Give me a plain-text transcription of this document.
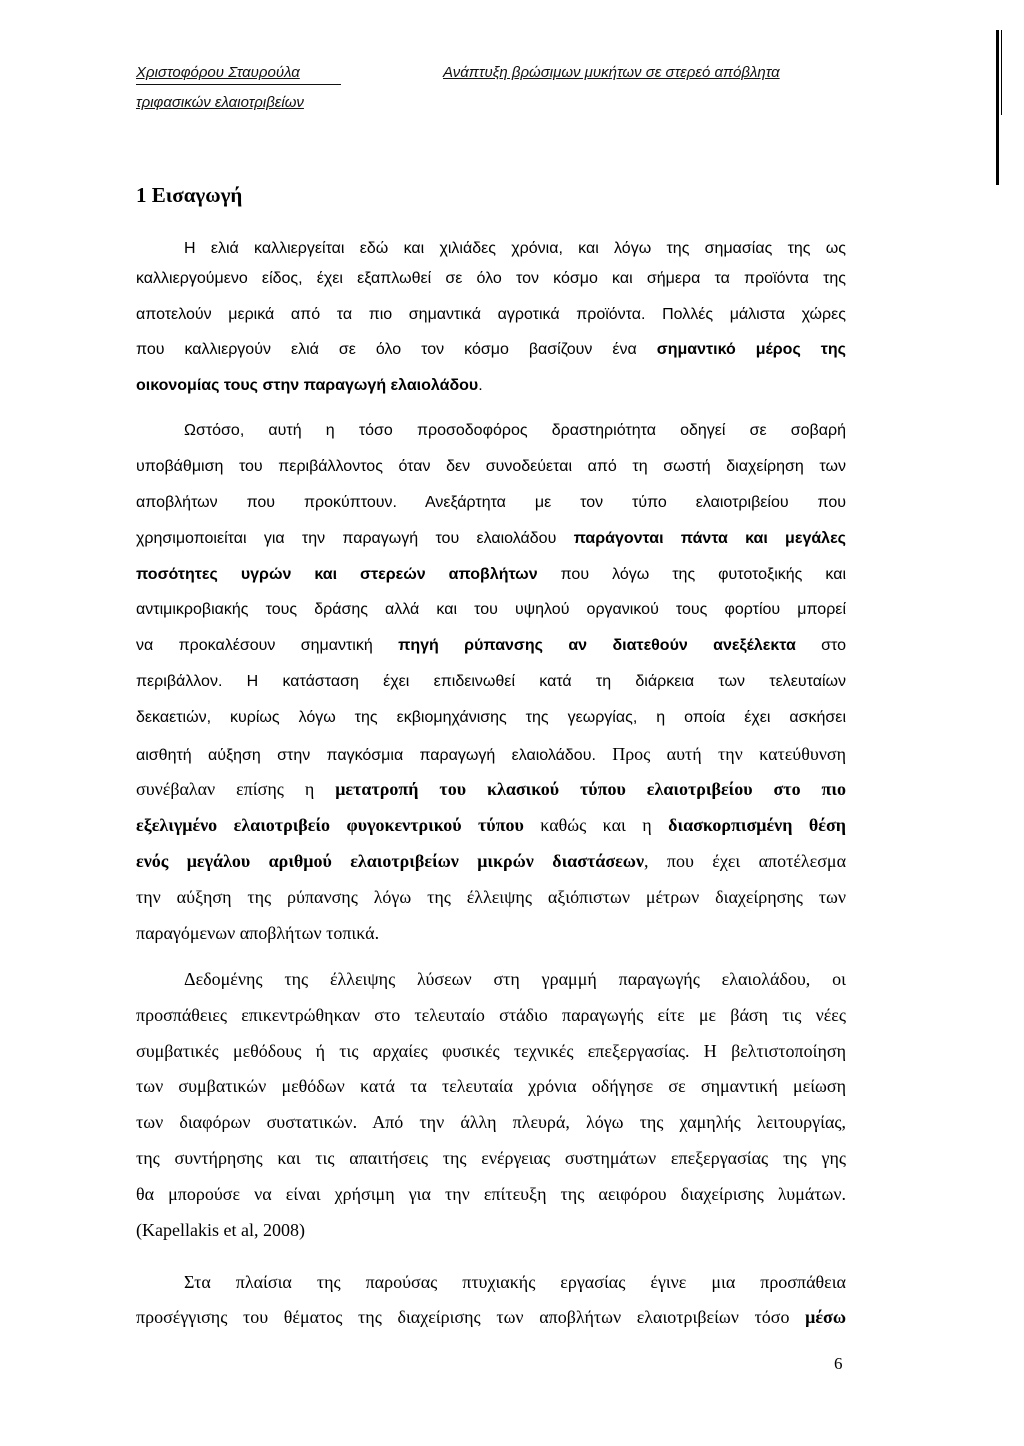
Χριστοφόρου Σταυρούλα	Ανάπτυξη βρώσιμων μυκήτων σε στερεό απόβλητα
τριφασικών ελαιοτριβείων
1 Εισαγωγή
Η ελιά καλλιεργείται εδώ και χιλιάδες χρόνια, και λόγω της σημασίας της ως
καλλιεργούμενο είδος, έχει εξαπλωθεί σε όλο τον κόσμο και σήμερα τα προϊόντα της
αποτελούν μερικά από τα πιο σημαντικά αγροτικά προϊόντα. Πολλές μάλιστα χώρες
που καλλιεργούν ελιά σε όλο τον κόσμο βασίζουν ένα σημαντικό μέρος της
οικονομίας τους στην παραγωγή ελαιολάδου.
Ωστόσο, αυτή η τόσο προσοδοφόρος δραστηριότητα οδηγεί σε σοβαρή
υποβάθμιση του περιβάλλοντος όταν δεν συνοδεύεται από τη σωστή διαχείρηση των
αποβλήτων που προκύπτουν. Ανεξάρτητα με τον τύπο ελαιοτριβείου που
χρησιμοποιείται για την παραγωγή του ελαιολάδου παράγονται πάντα και μεγάλες
ποσότητες υγρών και στερεών αποβλήτων που λόγω της φυτοτοξικής και
αντιμικροβιακής τους δράσης αλλά και του υψηλού οργανικού τους φορτίου μπορεί
να προκαλέσουν σημαντική πηγή ρύπανσης αν διατεθούν ανεξέλεκτα στο
περιβάλλον. Η κατάσταση έχει επιδεινωθεί κατά τη διάρκεια των τελευταίων
δεκαετιών, κυρίως λόγω της εκβιομηχάνισης της γεωργίας, η οποία έχει ασκήσει
αισθητή αύξηση στην παγκόσμια παραγωγή ελαιολάδου. Προς αυτή την κατεύθυνση
συνέβαλαν επίσης η μετατροπή του κλασικού τύπου ελαιοτριβείου στο πιο
εξελιγμένο ελαιοτριβείο φυγοκεντρικού τύπου καθώς και η διασκορπισμένη θέση
ενός μεγάλου αριθμού ελαιοτριβείων μικρών διαστάσεων, που έχει αποτέλεσμα
την αύξηση της ρύπανσης λόγω της έλλειψης αξιόπιστων μέτρων διαχείρησης των
παραγόμενων αποβλήτων τοπικά.
Δεδομένης της έλλειψης λύσεων στη γραμμή παραγωγής ελαιολάδου, οι
προσπάθειες επικεντρώθηκαν στο τελευταίο στάδιο παραγωγής είτε με βάση τις νέες
συμβατικές μεθόδους ή τις αρχαίες φυσικές τεχνικές επεξεργασίας. Η βελτιστοποίηση
των συμβατικών μεθόδων κατά τα τελευταία χρόνια οδήγησε σε σημαντική μείωση
των διαφόρων συστατικών. Από την άλλη πλευρά, λόγω της χαμηλής λειτουργίας,
της συντήρησης και τις απαιτήσεις της ενέργειας συστημάτων επεξεργασίας της γης
θα μπορούσε να είναι χρήσιμη για την επίτευξη της αειφόρου διαχείρισης λυμάτων.
(Kapellakis et al, 2008)
Στα πλαίσια της παρούσας πτυχιακής εργασίας έγινε μια προσπάθεια
προσέγγισης του θέματος της διαχείρισης των αποβλήτων ελαιοτριβείων τόσο μέσω
6
